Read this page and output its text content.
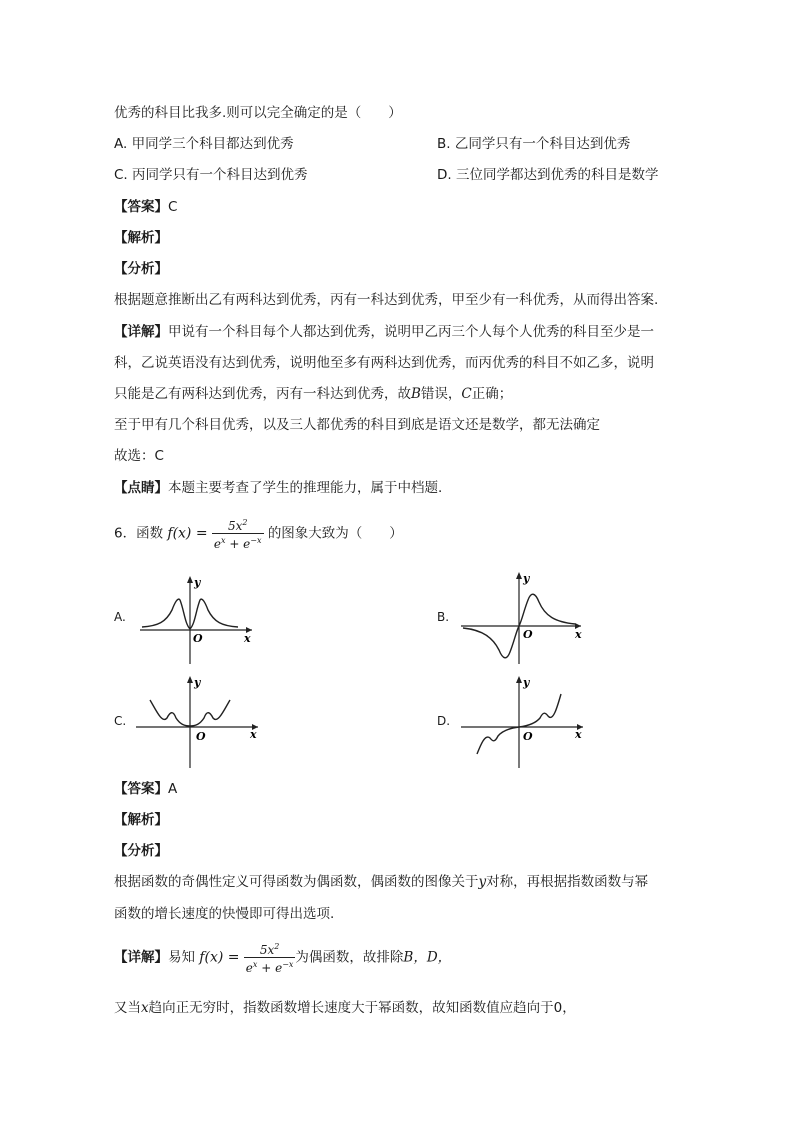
优秀的科目比我多.则可以完全确定的是（　　）
A. 甲同学三个科目都达到优秀	B. 乙同学只有一个科目达到优秀
C. 丙同学只有一个科目达到优秀	D. 三位同学都达到优秀的科目是数学
【答案】C
【解析】
【分析】
根据题意推断出乙有两科达到优秀，丙有一科达到优秀，甲至少有一科优秀，从而得出答案.
【详解】甲说有一个科目每个人都达到优秀，说明甲乙丙三个人每个人优秀的科目至少是一
科，乙说英语没有达到优秀，说明他至多有两科达到优秀，而丙优秀的科目不如乙多，说明
只能是乙有两科达到优秀，丙有一科达到优秀，故B错误，C正确；
至于甲有几个科目优秀，以及三人都优秀的科目到底是语文还是数学，都无法确定
故选：C
【点睛】本题主要考查了学生的推理能力，属于中档题.
6．函数 $f(x) = \frac{5x^2}{e^x + e^{-x}}$ 的图象大致为（　　）
A.	B.
C.	D.
y
x
O
y
x
O
y
x
O
y
x
O
【答案】A
【解析】
【分析】
根据函数的奇偶性定义可得函数为偶函数，偶函数的图像关于y对称，再根据指数函数与幂
函数的增长速度的快慢即可得出选项.
【详解】易知 $f(x) = \frac{5x^2}{e^x + e^{-x}}$ 为偶函数，故排除B，D，
又当x趋向正无穷时，指数函数增长速度大于幂函数，故知函数值应趋向于0，
